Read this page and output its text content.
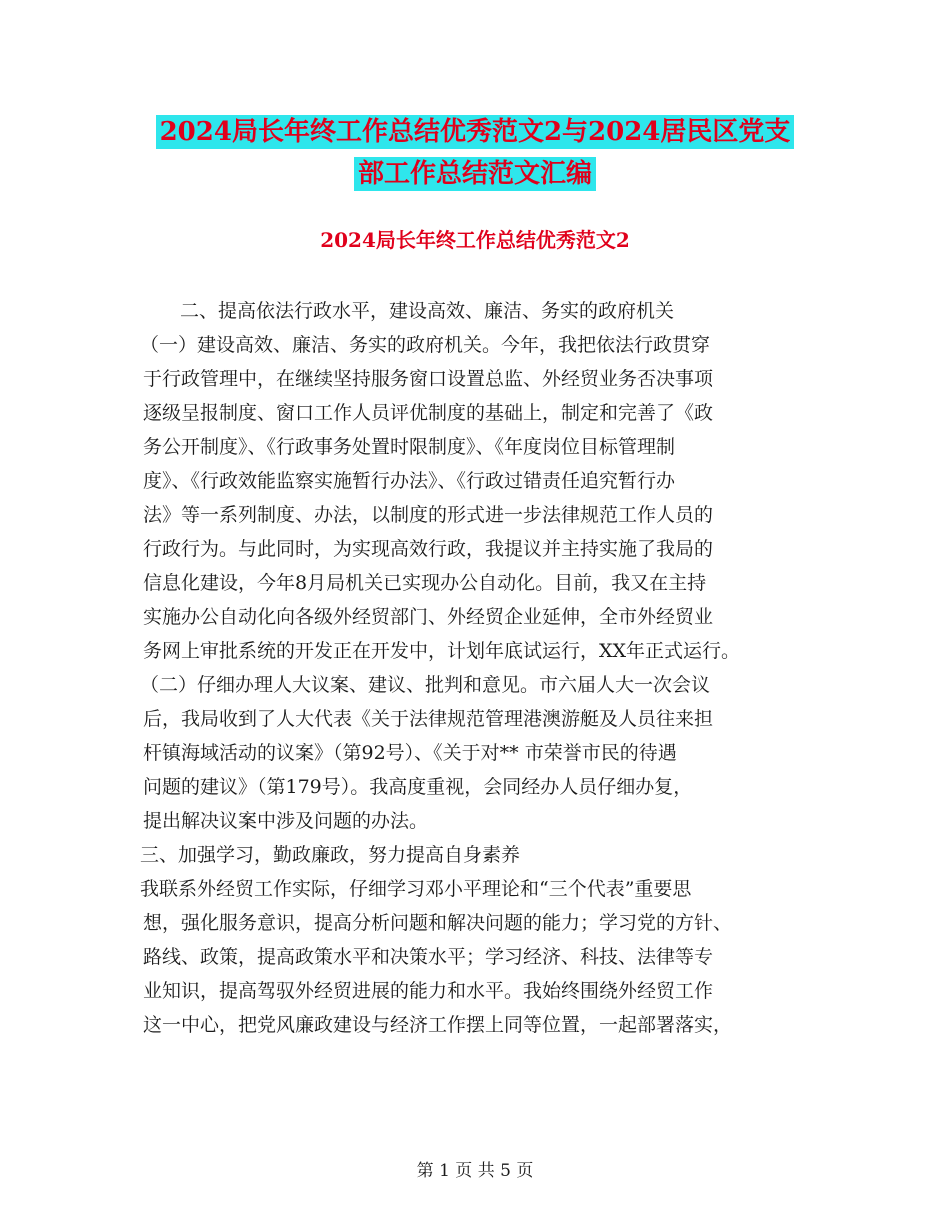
2024局长年终工作总结优秀范文2与2024居民区党支
部工作总结范文汇编
2024局长年终工作总结优秀范文2
二、提高依法行政水平，建设高效、廉洁、务实的政府机关
（一）建设高效、廉洁、务实的政府机关。今年，我把依法行政贯穿
于行政管理中，在继续坚持服务窗口设置总监、外经贸业务否决事项
逐级呈报制度、窗口工作人员评优制度的基础上，制定和完善了《政
务公开制度》、《行政事务处置时限制度》、《年度岗位目标管理制
度》、《行政效能监察实施暂行办法》、《行政过错责任追究暂行办
法》等一系列制度、办法，以制度的形式进一步法律规范工作人员的
行政行为。与此同时，为实现高效行政，我提议并主持实施了我局的
信息化建设，今年8月局机关已实现办公自动化。目前，我又在主持
实施办公自动化向各级外经贸部门、外经贸企业延伸，全市外经贸业
务网上审批系统的开发正在开发中，计划年底试运行，XX年正式运行。
（二）仔细办理人大议案、建议、批判和意见。市六届人大一次会议
后，我局收到了人大代表《关于法律规范管理港澳游艇及人员往来担
杆镇海域活动的议案》（第92号）、《关于对** 市荣誉市民的待遇
问题的建议》（第179号）。我高度重视，会同经办人员仔细办复，
提出解决议案中涉及问题的办法。
三、加强学习，勤政廉政，努力提高自身素养
我联系外经贸工作实际，仔细学习邓小平理论和“三个代表”重要思
想，强化服务意识，提高分析问题和解决问题的能力；学习党的方针、
路线、政策，提高政策水平和决策水平；学习经济、科技、法律等专
业知识，提高驾驭外经贸进展的能力和水平。我始终围绕外经贸工作
这一中心，把党风廉政建设与经济工作摆上同等位置，一起部署落实，
第 1 页 共 5 页
